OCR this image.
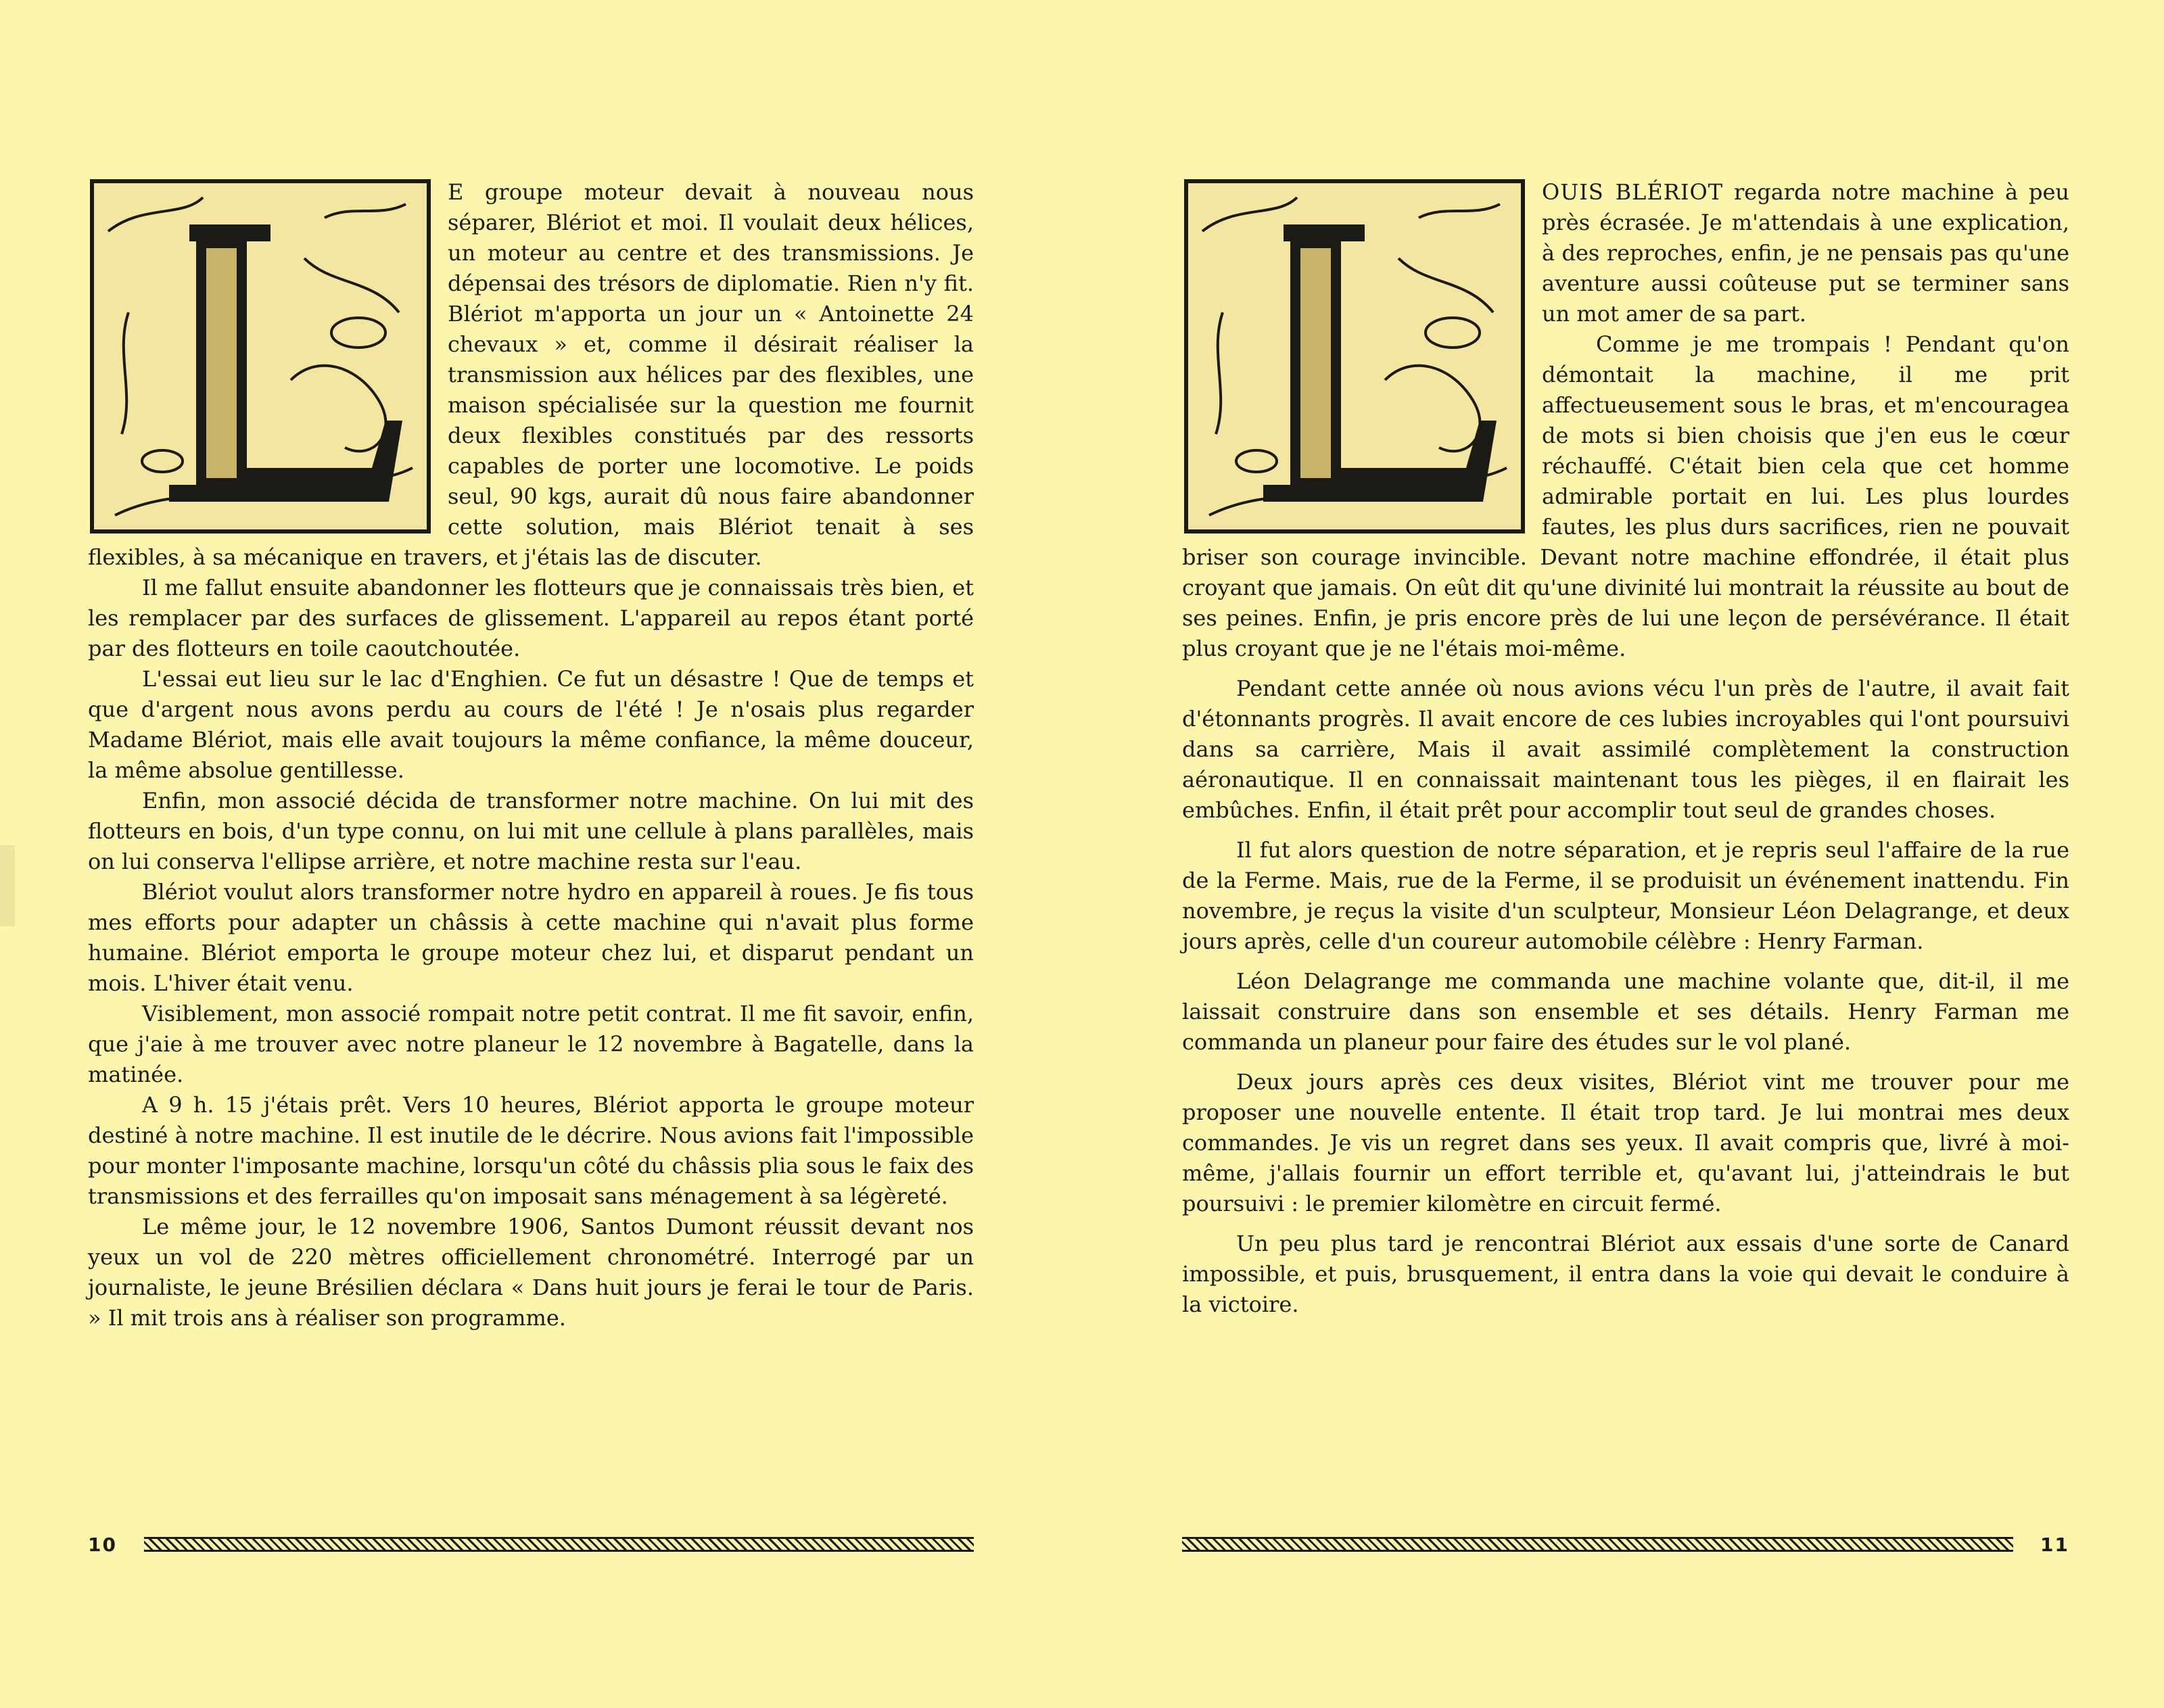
E groupe moteur devait à nouveau nous séparer, Blériot et moi. Il voulait deux hélices, un moteur au centre et des transmissions. Je dépensai des trésors de diplomatie. Rien n'y fit. Blériot m'apporta un jour un « Antoinette 24 chevaux » et, comme il désirait réaliser la transmission aux hélices par des flexibles, une maison spécialisée sur la question me fournit deux flexibles constitués par des ressorts capables de porter une locomotive. Le poids seul, 90 kgs, aurait dû nous faire abandonner cette solution, mais Blériot tenait à ses flexibles, à sa mécanique en travers, et j'étais las de discuter.

Il me fallut ensuite abandonner les flotteurs que je connaissais très bien, et les remplacer par des surfaces de glissement. L'appareil au repos étant porté par des flotteurs en toile caoutchoutée.

L'essai eut lieu sur le lac d'Enghien. Ce fut un désastre ! Que de temps et que d'argent nous avons perdu au cours de l'été ! Je n'osais plus regarder Madame Blériot, mais elle avait toujours la même confiance, la même douceur, la même absolue gentillesse.

Enfin, mon associé décida de transformer notre machine. On lui mit des flotteurs en bois, d'un type connu, on lui mit une cellule à plans parallèles, mais on lui conserva l'ellipse arrière, et notre machine resta sur l'eau.

Blériot voulut alors transformer notre hydro en appareil à roues. Je fis tous mes efforts pour adapter un châssis à cette machine qui n'avait plus forme humaine. Blériot emporta le groupe moteur chez lui, et disparut pendant un mois. L'hiver était venu.

Visiblement, mon associé rompait notre petit contrat. Il me fit savoir, enfin, que j'aie à me trouver avec notre planeur le 12 novembre à Bagatelle, dans la matinée.

A 9 h. 15 j'étais prêt. Vers 10 heures, Blériot apporta le groupe moteur destiné à notre machine. Il est inutile de le décrire. Nous avions fait l'impossible pour monter l'imposante machine, lorsqu'un côté du châssis plia sous le faix des transmissions et des ferrailles qu'on imposait sans ménagement à sa légèreté.

Le même jour, le 12 novembre 1906, Santos Dumont réussit devant nos yeux un vol de 220 mètres officiellement chronométré. Interrogé par un journaliste, le jeune Brésilien déclara « Dans huit jours je ferai le tour de Paris. » Il mit trois ans à réaliser son programme.

10

OUIS BLÉRIOT regarda notre machine à peu près écrasée. Je m'attendais à une explication, à des reproches, enfin, je ne pensais pas qu'une aventure aussi coûteuse put se terminer sans un mot amer de sa part.

Comme je me trompais ! Pendant qu'on démontait la machine, il me prit affectueusement sous le bras, et m'encouragea de mots si bien choisis que j'en eus le cœur réchauffé. C'était bien cela que cet homme admirable portait en lui. Les plus lourdes fautes, les plus durs sacrifices, rien ne pouvait briser son courage invincible. Devant notre machine effondrée, il était plus croyant que jamais. On eût dit qu'une divinité lui montrait la réussite au bout de ses peines. Enfin, je pris encore près de lui une leçon de persévérance. Il était plus croyant que je ne l'étais moi-même.

Pendant cette année où nous avions vécu l'un près de l'autre, il avait fait d'étonnants progrès. Il avait encore de ces lubies incroyables qui l'ont poursuivi dans sa carrière, Mais il avait assimilé complètement la construction aéronautique. Il en connaissait maintenant tous les pièges, il en flairait les embûches. Enfin, il était prêt pour accomplir tout seul de grandes choses.

Il fut alors question de notre séparation, et je repris seul l'affaire de la rue de la Ferme. Mais, rue de la Ferme, il se produisit un événement inattendu. Fin novembre, je reçus la visite d'un sculpteur, Monsieur Léon Delagrange, et deux jours après, celle d'un coureur automobile célèbre : Henry Farman.

Léon Delagrange me commanda une machine volante que, dit-il, il me laissait construire dans son ensemble et ses détails. Henry Farman me commanda un planeur pour faire des études sur le vol plané.

Deux jours après ces deux visites, Blériot vint me trouver pour me proposer une nouvelle entente. Il était trop tard. Je lui montrai mes deux commandes. Je vis un regret dans ses yeux. Il avait compris que, livré à moi-même, j'allais fournir un effort terrible et, qu'avant lui, j'atteindrais le but poursuivi : le premier kilomètre en circuit fermé.

Un peu plus tard je rencontrai Blériot aux essais d'une sorte de Canard impossible, et puis, brusquement, il entra dans la voie qui devait le conduire à la victoire.

11
